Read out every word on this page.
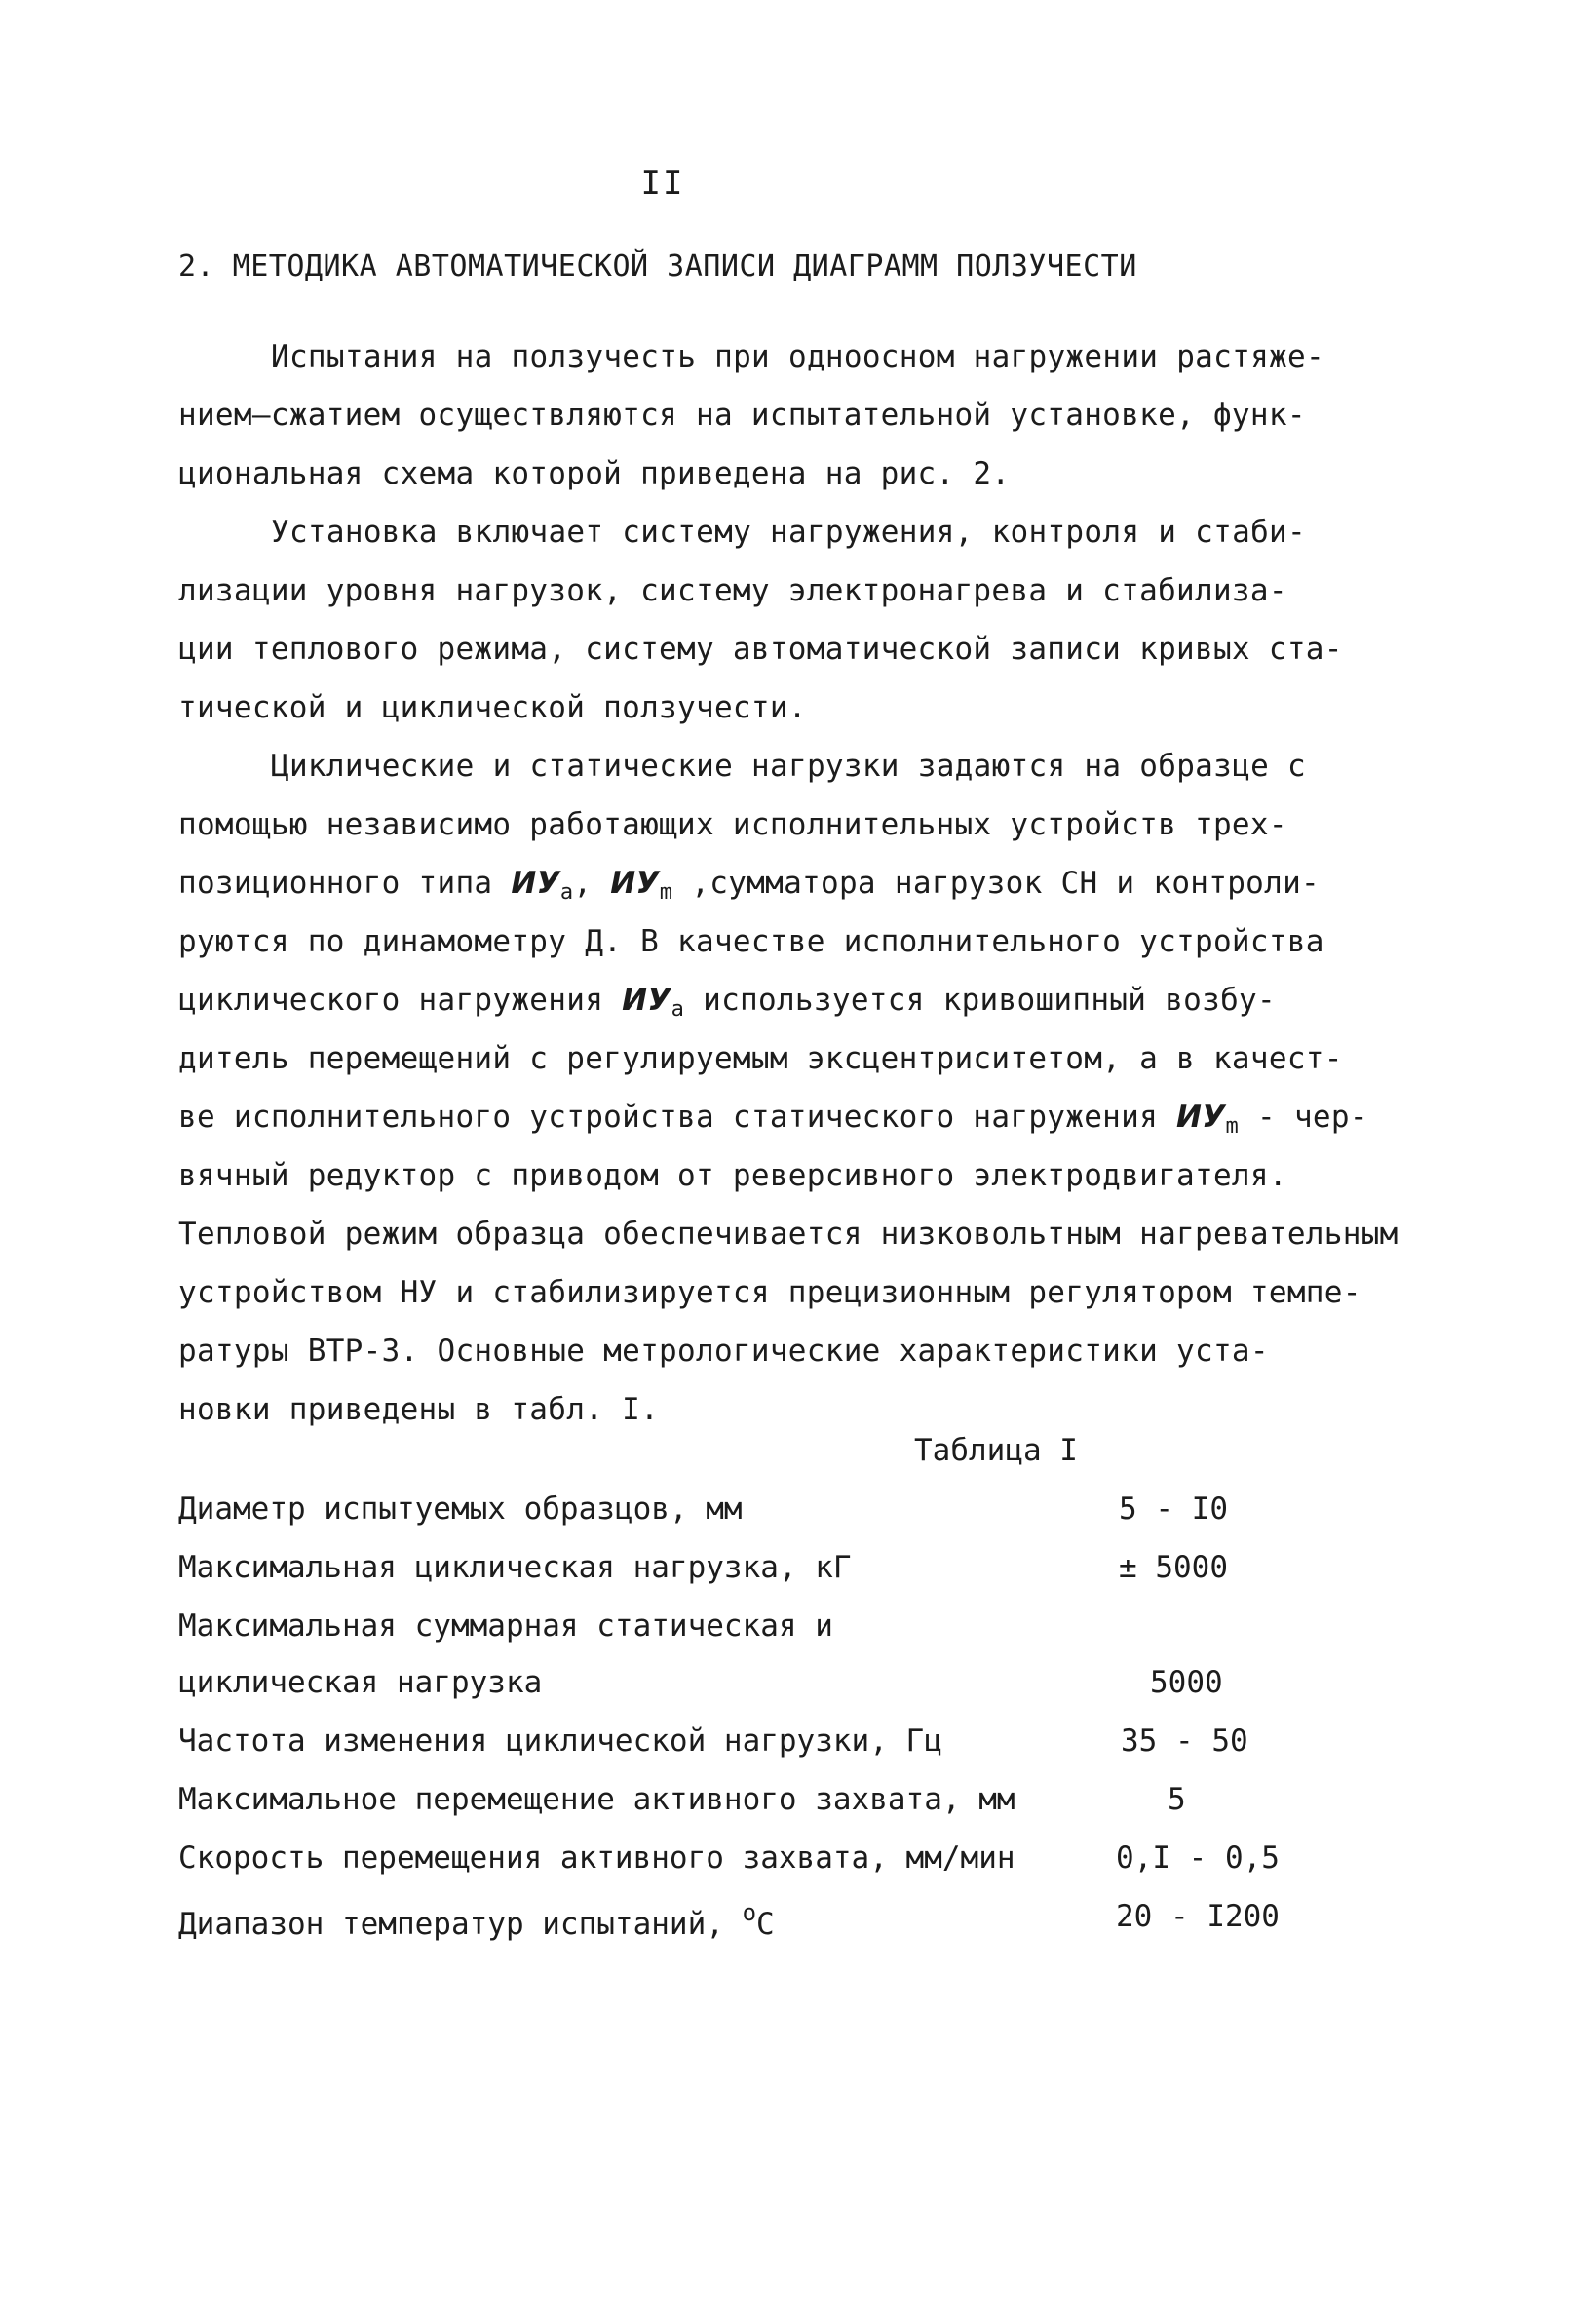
II
2. МЕТОДИКА АВТОМАТИЧЕСКОЙ ЗАПИСИ ДИАГРАММ ПОЛЗУЧЕСТИ
Испытания на ползучесть при одноосном нагружении растяже-
нием–сжатием осуществляются на испытательной установке, функ-
циональная схема которой приведена на рис. 2.
Установка включает систему нагружения, контроля и стаби-
лизации уровня нагрузок, систему электронагрева и стабилиза-
ции теплового режима, систему автоматической записи кривых ста-
тической и циклической ползучести.
Циклические и статические нагрузки задаются на образце с
помощью независимо работающих исполнительных устройств трех-
позиционного типа $ИУ_a$, $ИУ_m$ ,сумматора нагрузок СН и контроли-
руются по динамометру Д. В качестве исполнительного устройства
циклического нагружения $ИУ_a$ используется кривошипный возбу-
дитель перемещений с регулируемым эксцентриситетом, а в качест-
ве исполнительного устройства статического нагружения $ИУ_m - чер-$
вячный редуктор с приводом от реверсивного электродвигателя.
Тепловой режим образца обеспечивается низковольтным нагревательным
устройством НУ и стабилизируется прецизионным регулятором темпе-
ратуры ВТР-3. Основные метрологические характеристики уста-
новки приведены в табл. I.
Таблица I
Диаметр испытуемых образцов, мм	5 - I0
Максимальная циклическая нагрузка, кГ	± 5000
Максимальная суммарная статическая и
циклическая нагрузка	5000
Частота изменения циклической нагрузки, Гц	35 - 50
Максимальное перемещение активного захвата, мм	5
Скорость перемещения активного захвата, мм/мин	0,I - 0,5
Диапазон температур испытаний, $^о$С	20 - I200
